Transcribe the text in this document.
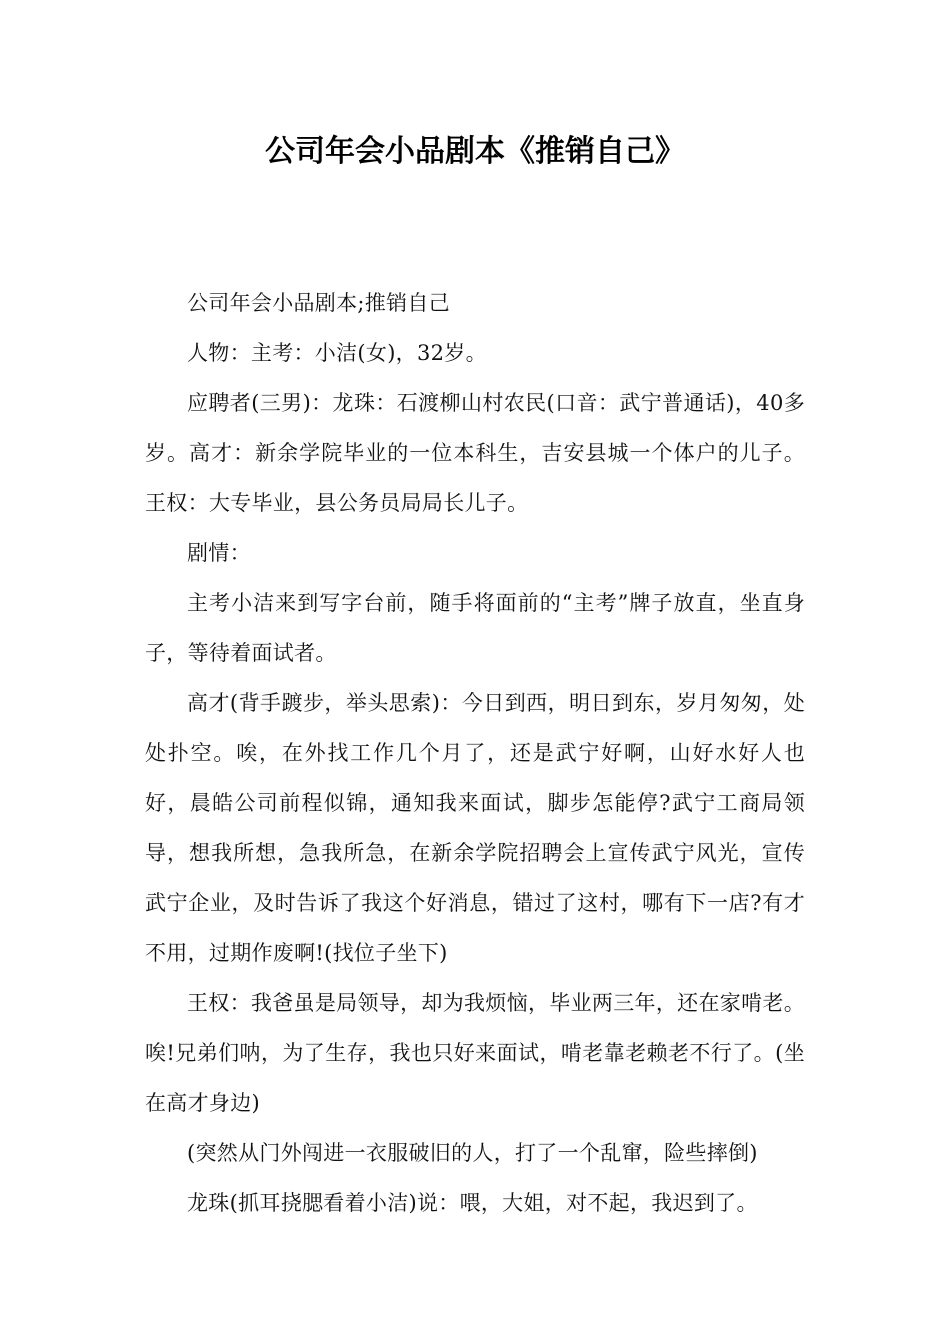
公司年会小品剧本《推销自己》

公司年会小品剧本;推销自己

人物：主考：小洁(女)，32岁。

应聘者(三男)：龙珠：石渡柳山村农民(口音：武宁普通话)，40多岁。高才：新余学院毕业的一位本科生，吉安县城一个体户的儿子。王权：大专毕业，县公务员局局长儿子。

剧情：

主考小洁来到写字台前，随手将面前的“主考”牌子放直，坐直身子，等待着面试者。

高才(背手踱步，举头思索)：今日到西，明日到东，岁月匆匆，处处扑空。唉，在外找工作几个月了，还是武宁好啊，山好水好人也好，晨皓公司前程似锦，通知我来面试，脚步怎能停?武宁工商局领导，想我所想，急我所急，在新余学院招聘会上宣传武宁风光，宣传武宁企业，及时告诉了我这个好消息，错过了这村，哪有下一店?有才不用，过期作废啊!(找位子坐下)

王权：我爸虽是局领导，却为我烦恼，毕业两三年，还在家啃老。唉!兄弟们呐，为了生存，我也只好来面试，啃老靠老赖老不行了。(坐在高才身边)

(突然从门外闯进一衣服破旧的人，打了一个乱窜，险些摔倒)

龙珠(抓耳挠腮看着小洁)说：喂，大姐，对不起，我迟到了。
